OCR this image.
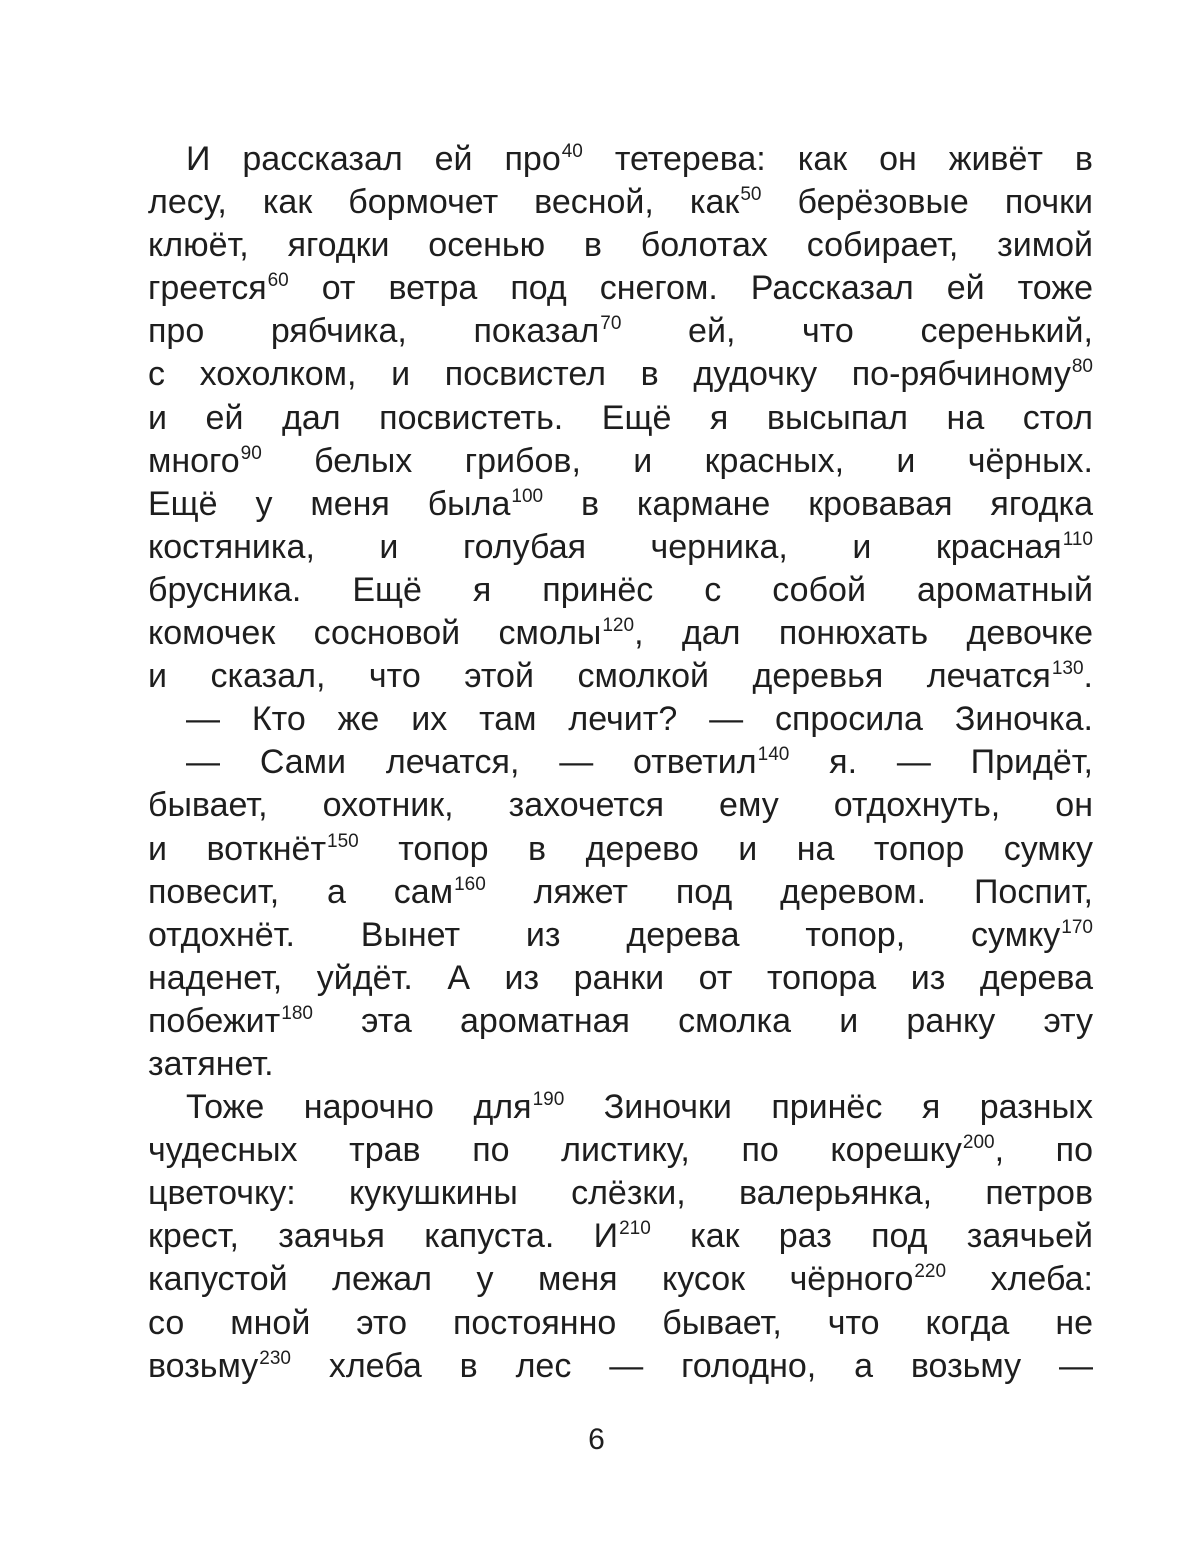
И рассказал ей про$^{40}$ тетерева: как он живёт в
лесу, как бормочет весной, как$^{50}$ берёзовые почки
клюёт, ягодки осенью в болотах собирает, зимой
греется$^{60}$ от ветра под снегом. Рассказал ей тоже
про рябчика, показал$^{70}$ ей, что серенький,
с хохолком, и посвистел в дудочку по-рябчиному$^{80}$
и ей дал посвистеть. Ещё я высыпал на стол
много$^{90}$ белых грибов, и красных, и чёрных.
Ещё у меня была$^{100}$ в кармане кровавая ягодка
костяника, и голубая черника, и красная$^{110}$
брусника. Ещё я принёс с собой ароматный
комочек сосновой смолы$^{120}$, дал понюхать девочке
и сказал, что этой смолкой деревья лечатся$^{130}$.
— Кто же их там лечит? — спросила Зиночка.
— Сами лечатся, — ответил$^{140}$ я. — Придёт,
бывает, охотник, захочется ему отдохнуть, он
и воткнёт$^{150}$ топор в дерево и на топор сумку
повесит, а сам$^{160}$ ляжет под деревом. Поспит,
отдохнёт. Вынет из дерева топор, сумку$^{170}$
наденет, уйдёт. А из ранки от топора из дерева
побежит$^{180}$ эта ароматная смолка и ранку эту
затянет.
Тоже нарочно для$^{190}$ Зиночки принёс я разных
чудесных трав по листику, по корешку$^{200}$, по
цветочку: кукушкины слёзки, валерьянка, петров
крест, заячья капуста. $И^{210}$ как раз под заячьей
капустой лежал у меня кусок чёрного$^{220}$ хлеба:
со мной это постоянно бывает, что когда не
возьму$^{230}$ хлеба в лес — голодно, а возьму —
6
